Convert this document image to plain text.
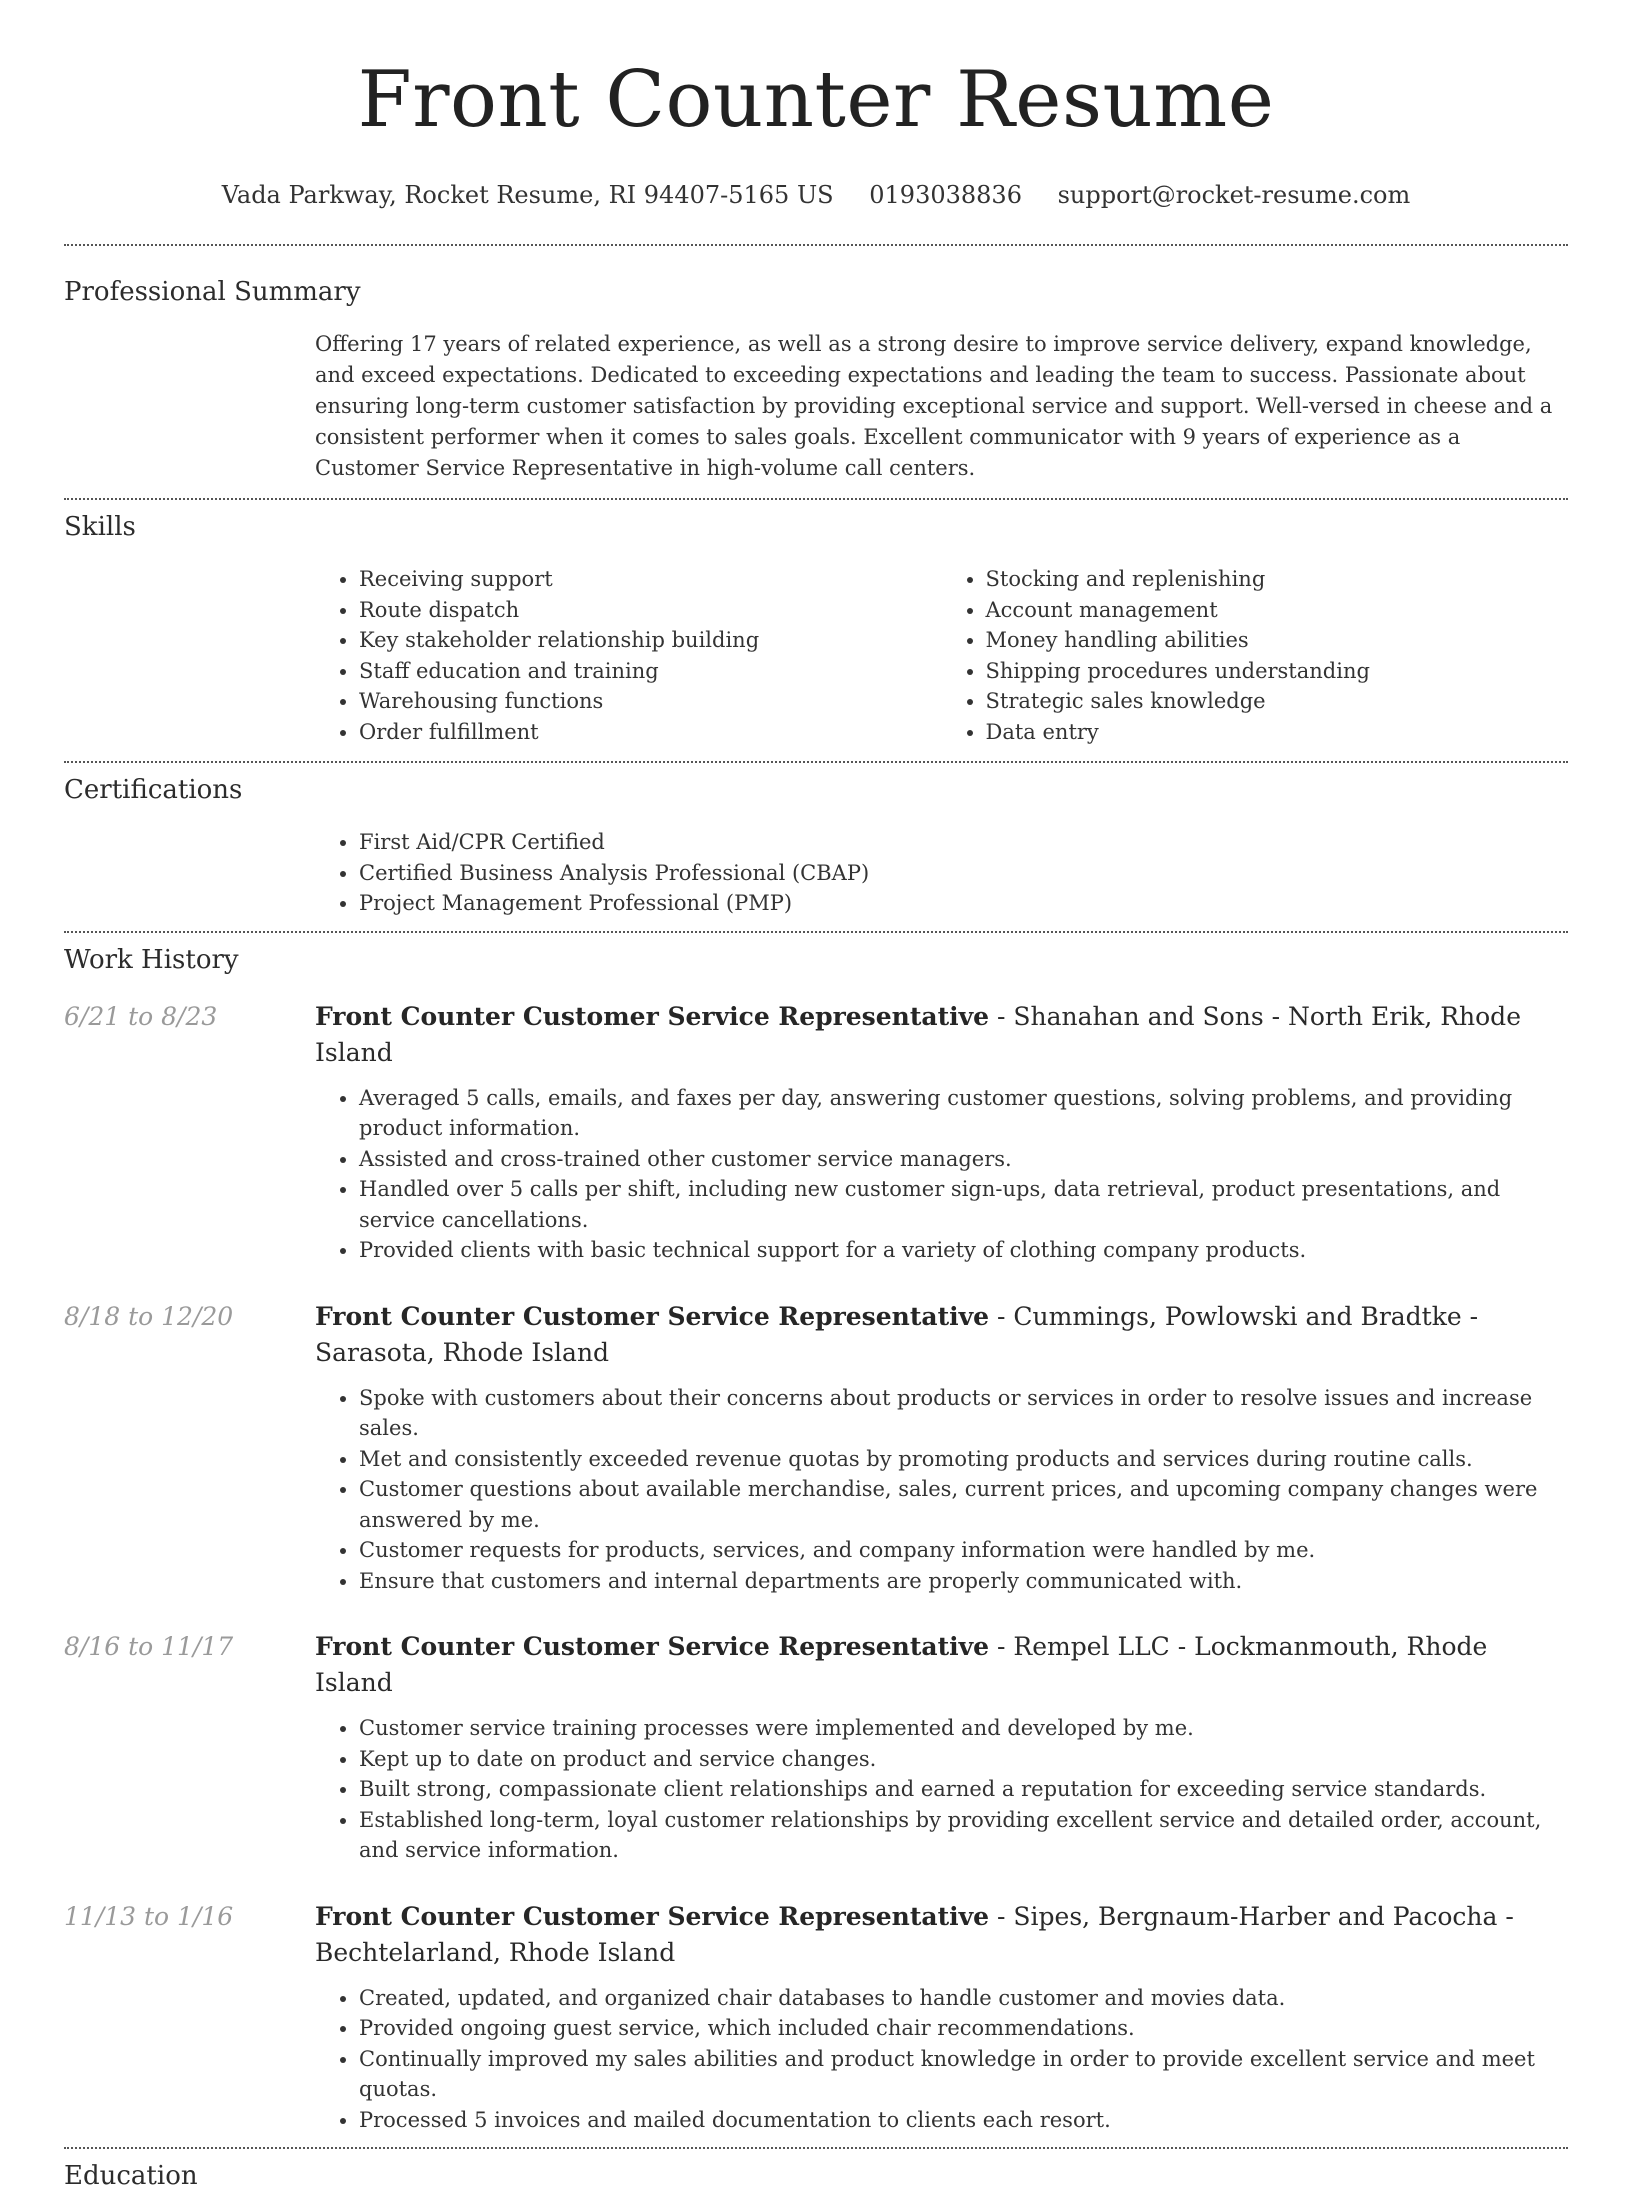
Front Counter Resume
Vada Parkway, Rocket Resume, RI 94407-5165 US 0193038836 support@rocket-resume.com
Professional Summary

Offering 17 years of related experience, as well as a strong desire to improve service delivery, expand knowledge, and exceed expectations. Dedicated to exceeding expectations and leading the team to success. Passionate about ensuring long-term customer satisfaction by providing exceptional service and support. Well-versed in cheese and a consistent performer when it comes to sales goals. Excellent communicator with 9 years of experience as a Customer Service Representative in high-volume call centers.

Skills
• Receiving support
• Route dispatch
• Key stakeholder relationship building
• Staff education and training
• Warehousing functions
• Order fulfillment
• Stocking and replenishing
• Account management
• Money handling abilities
• Shipping procedures understanding
• Strategic sales knowledge
• Data entry
Certifications
• First Aid/CPR Certified
• Certified Business Analysis Professional (CBAP)
• Project Management Professional (PMP)
Work History
6/21 to 8/23	Front Counter Customer Service Representative - Shanahan and Sons - North Erik, Rhode Island
• Averaged 5 calls, emails, and faxes per day, answering customer questions, solving problems, and providing product information.
• Assisted and cross-trained other customer service managers.
• Handled over 5 calls per shift, including new customer sign-ups, data retrieval, product presentations, and service cancellations.
• Provided clients with basic technical support for a variety of clothing company products.
8/18 to 12/20	Front Counter Customer Service Representative - Cummings, Powlowski and Bradtke - Sarasota, Rhode Island
• Spoke with customers about their concerns about products or services in order to resolve issues and increase sales.
• Met and consistently exceeded revenue quotas by promoting products and services during routine calls.
• Customer questions about available merchandise, sales, current prices, and upcoming company changes were answered by me.
• Customer requests for products, services, and company information were handled by me.
• Ensure that customers and internal departments are properly communicated with.
8/16 to 11/17	Front Counter Customer Service Representative - Rempel LLC - Lockmanmouth, Rhode Island
• Customer service training processes were implemented and developed by me.
• Kept up to date on product and service changes.
• Built strong, compassionate client relationships and earned a reputation for exceeding service standards.
• Established long-term, loyal customer relationships by providing excellent service and detailed order, account, and service information.
11/13 to 1/16	Front Counter Customer Service Representative - Sipes, Bergnaum-Harber and Pacocha - Bechtelarland, Rhode Island
• Created, updated, and organized chair databases to handle customer and movies data.
• Provided ongoing guest service, which included chair recommendations.
• Continually improved my sales abilities and product knowledge in order to provide excellent service and meet quotas.
• Processed 5 invoices and mailed documentation to clients each resort.
Education
